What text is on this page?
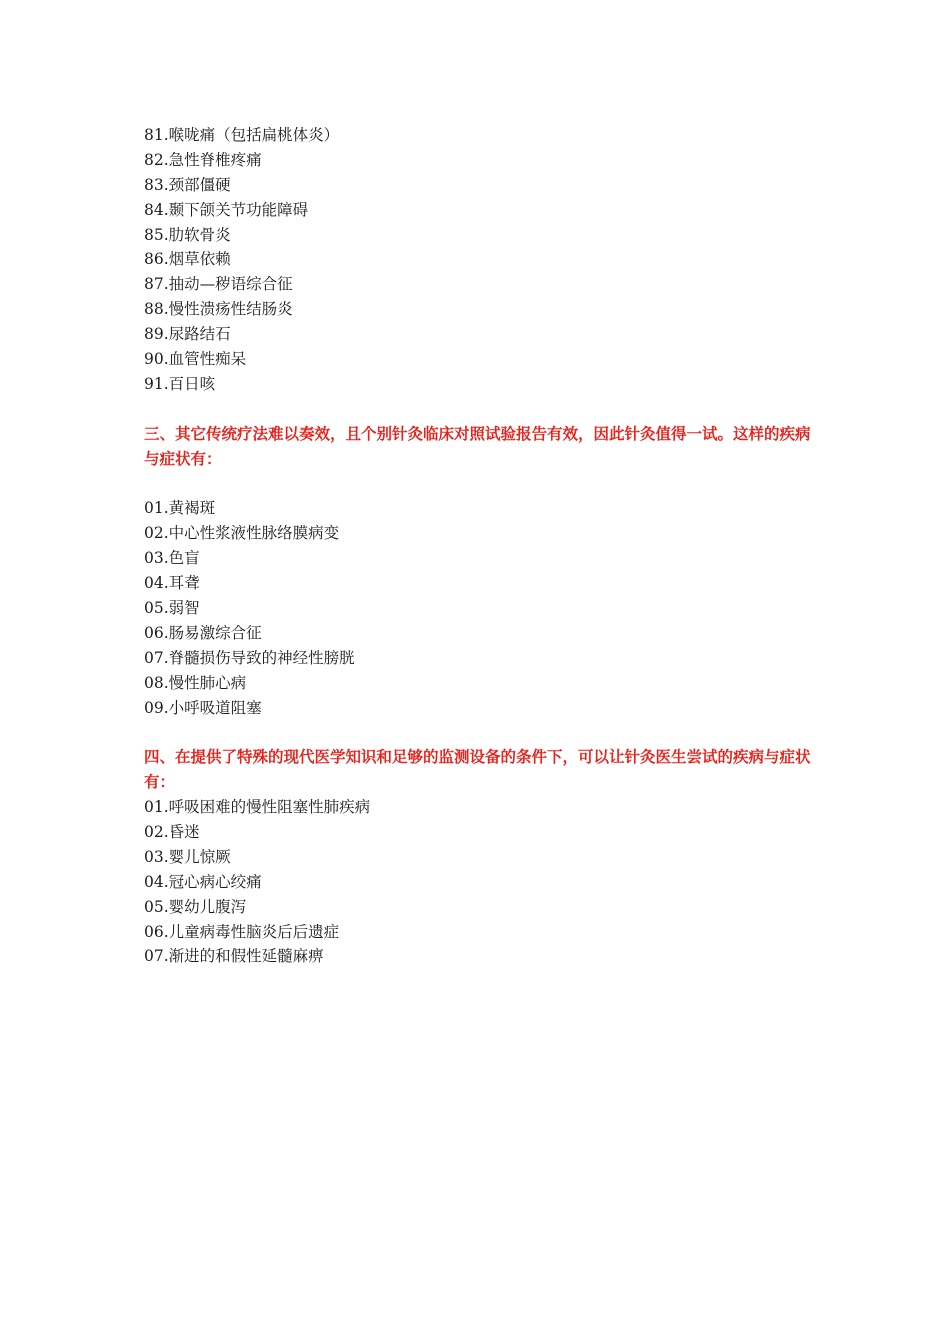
81.喉咙痛（包括扁桃体炎）
82.急性脊椎疼痛
83.颈部僵硬
84.颞下颌关节功能障碍
85.肋软骨炎
86.烟草依赖
87.抽动—秽语综合征
88.慢性溃疡性结肠炎
89.尿路结石
90.血管性痴呆
91.百日咳

三、其它传统疗法难以奏效，且个别针灸临床对照试验报告有效，因此针灸值得一试。这样的疾病与症状有：

01.黄褐斑
02.中心性浆液性脉络膜病变
03.色盲
04.耳聋
05.弱智
06.肠易激综合征
07.脊髓损伤导致的神经性膀胱
08.慢性肺心病
09.小呼吸道阻塞

四、在提供了特殊的现代医学知识和足够的监测设备的条件下，可以让针灸医生尝试的疾病与症状有：

01.呼吸困难的慢性阻塞性肺疾病
02.昏迷
03.婴儿惊厥
04.冠心病心绞痛
05.婴幼儿腹泻
06.儿童病毒性脑炎后后遗症
07.渐进的和假性延髓麻痹
